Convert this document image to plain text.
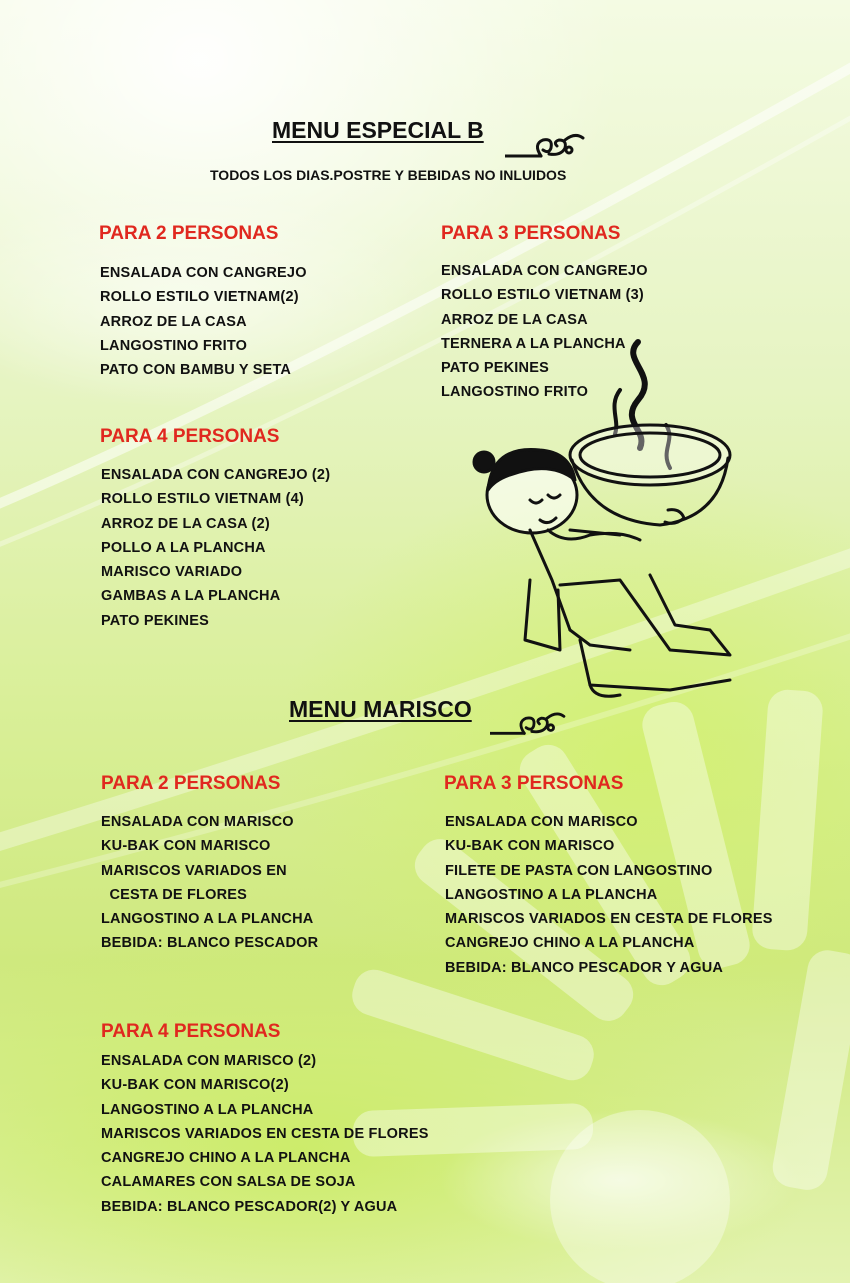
MENU ESPECIAL B

TODOS LOS DIAS.POSTRE Y BEBIDAS NO INLUIDOS

PARA 2 PERSONAS
ENSALADA CON CANGREJO
ROLLO ESTILO VIETNAM(2)
ARROZ DE LA CASA
LANGOSTINO FRITO
PATO CON BAMBU Y SETA
PARA 3 PERSONAS
ENSALADA CON CANGREJO
ROLLO ESTILO VIETNAM (3)
ARROZ DE LA CASA
TERNERA A LA PLANCHA
PATO PEKINES
LANGOSTINO FRITO
PARA 4 PERSONAS
ENSALADA CON CANGREJO (2)
ROLLO ESTILO VIETNAM (4)
ARROZ DE LA CASA (2)
POLLO A LA PLANCHA
MARISCO VARIADO
GAMBAS A LA PLANCHA
PATO PEKINES
MENU MARISCO
PARA 2 PERSONAS
ENSALADA CON MARISCO
KU-BAK CON MARISCO
MARISCOS VARIADOS EN
CESTA DE FLORES
LANGOSTINO A LA PLANCHA
BEBIDA: BLANCO PESCADOR
PARA 3 PERSONAS
ENSALADA CON MARISCO
KU-BAK CON MARISCO
FILETE DE PASTA CON LANGOSTINO
LANGOSTINO A LA PLANCHA
MARISCOS VARIADOS EN CESTA DE FLORES
CANGREJO CHINO A LA PLANCHA
BEBIDA: BLANCO PESCADOR Y AGUA
PARA 4 PERSONAS
ENSALADA CON MARISCO (2)
KU-BAK CON MARISCO(2)
LANGOSTINO A LA PLANCHA
MARISCOS VARIADOS EN CESTA DE FLORES
CANGREJO CHINO A LA PLANCHA
CALAMARES CON SALSA DE SOJA
BEBIDA: BLANCO PESCADOR(2) Y AGUA
